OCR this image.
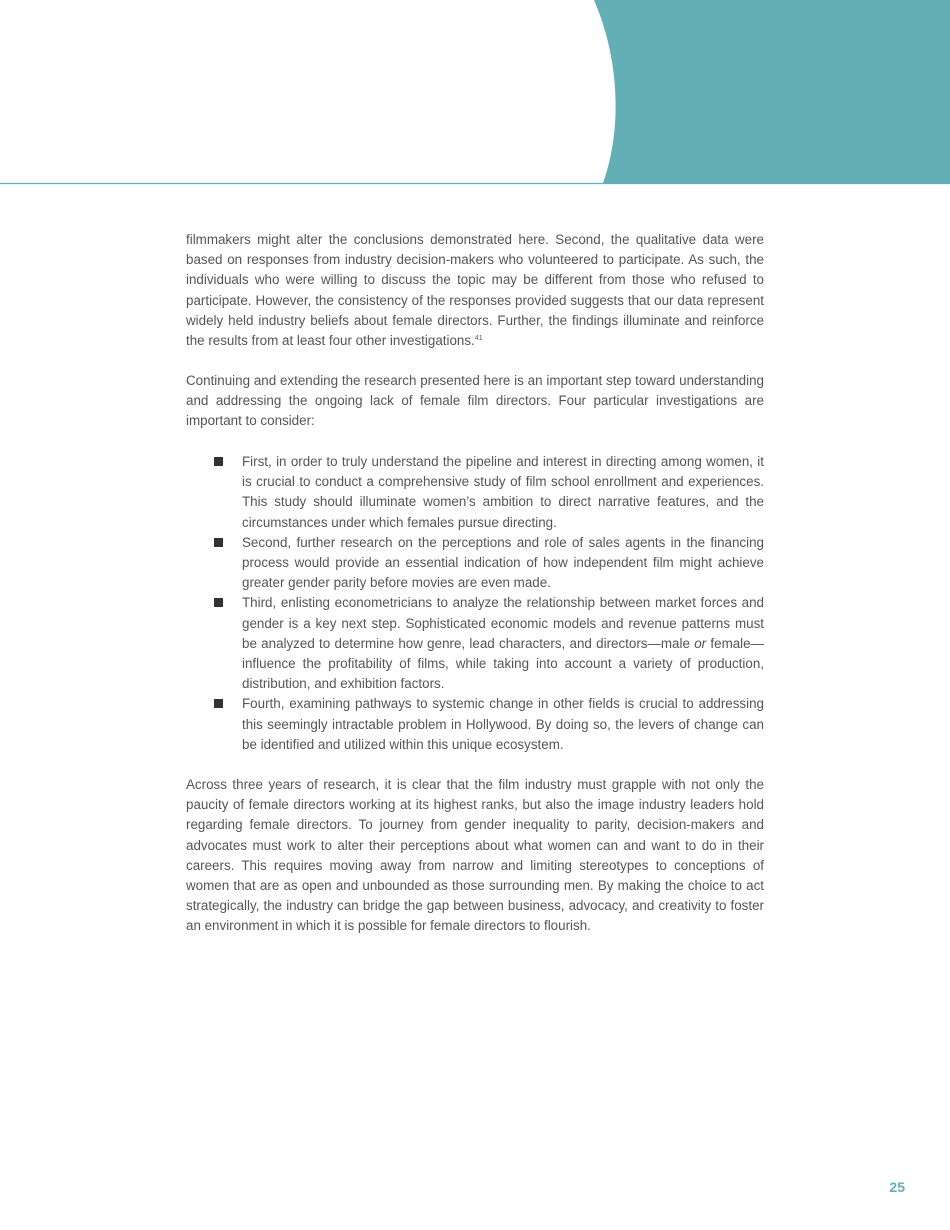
filmmakers might alter the conclusions demonstrated here. Second, the qualitative data were based on responses from industry decision-makers who volunteered to participate. As such, the individuals who were willing to discuss the topic may be different from those who refused to participate. However, the consistency of the responses provided suggests that our data represent widely held industry beliefs about female directors. Further, the findings illuminate and reinforce the results from at least four other investigations.$^{41}$

Continuing and extending the research presented here is an important step toward understanding and addressing the ongoing lack of female film directors. Four particular investigations are important to consider:

First, in order to truly understand the pipeline and interest in directing among women, it is crucial to conduct a comprehensive study of film school enrollment and experiences. This study should illuminate women’s ambition to direct narrative features, and the circumstances under which females pursue directing.
Second, further research on the perceptions and role of sales agents in the financing process would provide an essential indication of how independent film might achieve greater gender parity before movies are even made.
Third, enlisting econometricians to analyze the relationship between market forces and gender is a key next step. Sophisticated economic models and revenue patterns must be analyzed to determine how genre, lead characters, and directors—male or female—influence the profitability of films, while taking into account a variety of production, distribution, and exhibition factors.
Fourth, examining pathways to systemic change in other fields is crucial to addressing this seemingly intractable problem in Hollywood. By doing so, the levers of change can be identified and utilized within this unique ecosystem.

Across three years of research, it is clear that the film industry must grapple with not only the paucity of female directors working at its highest ranks, but also the image industry leaders hold regarding female directors. To journey from gender inequality to parity, decision-makers and advocates must work to alter their perceptions about what women can and want to do in their careers. This requires moving away from narrow and limiting stereotypes to conceptions of women that are as open and unbounded as those surrounding men. By making the choice to act strategically, the industry can bridge the gap between business, advocacy, and creativity to foster an environment in which it is possible for female directors to flourish.

25
